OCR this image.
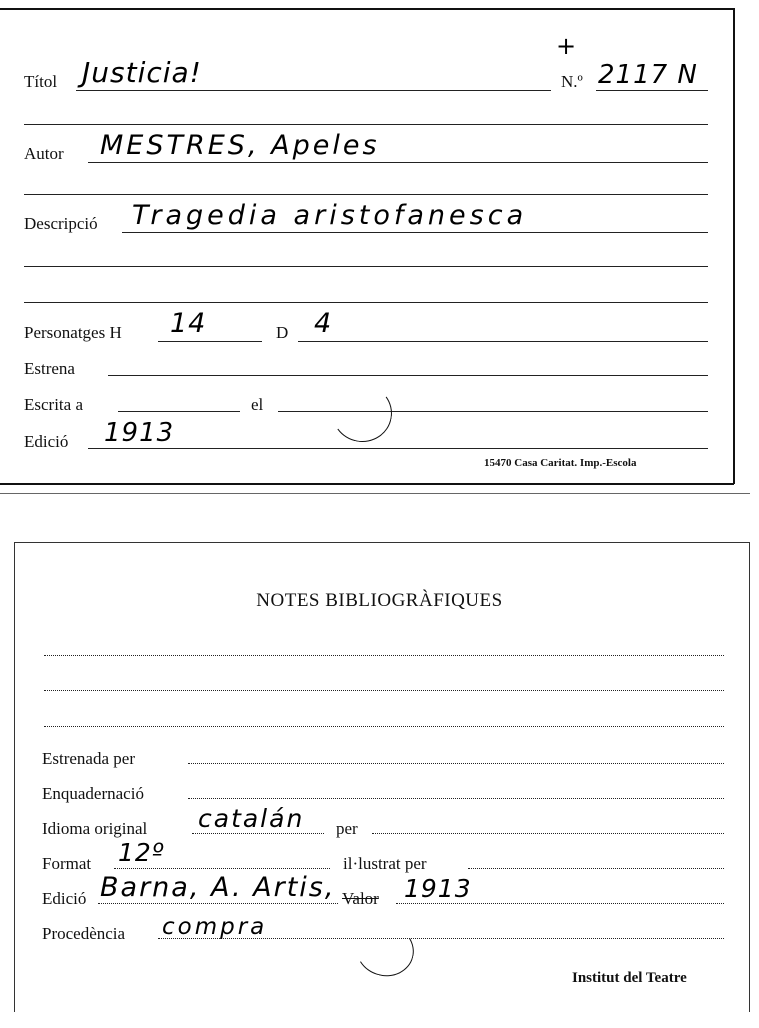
Títol Justicia!
+
N.º 2117 N
Autor MESTRES, Apeles
Descripció Tragedia aristofanesca
Personatges H 14	D 4
Estrena
Escrita a	el
Edició 1913
15470 Casa Caritat. Imp.-Escola
NOTES BIBLIOGRÀFIQUES
Estrenada per
Enquadernació
Idioma original catalán per
Format 12º	il·lustrat per
Edició Barna, A. Artis, Valor 1913
Procedència compra
Institut del Teatre
